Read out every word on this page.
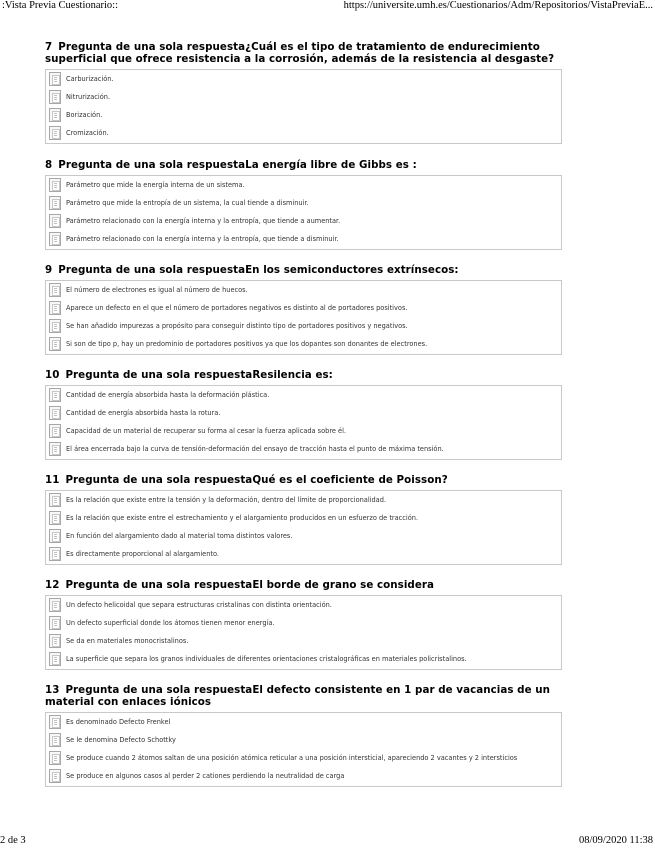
:Vista Previa Cuestionario::	https://universite.umh.es/Cuestionarios/Adm/Repositorios/VistaPreviaE...
7 Pregunta de una sola respuesta¿Cuál es el tipo de tratamiento de endurecimiento superficial que ofrece resistencia a la corrosión, además de la resistencia al desgaste?
Carburización.
Nitrurización.
Borización.
Cromización.
8 Pregunta de una sola respuestaLa energía libre de Gibbs es :
Parámetro que mide la energía interna de un sistema.
Parámetro que mide la entropía de un sistema, la cual tiende a disminuir.
Parámetro relacionado con la energía interna y la entropía, que tiende a aumentar.
Parámetro relacionado con la energía interna y la entropía, que tiende a disminuir.
9 Pregunta de una sola respuestaEn los semiconductores extrínsecos:
El número de electrones es igual al número de huecos.
Aparece un defecto en el que el número de portadores negativos es distinto al de portadores positivos.
Se han añadido impurezas a propósito para conseguir distinto tipo de portadores positivos y negativos.
Si son de tipo p, hay un predominio de portadores positivos ya que los dopantes son donantes de electrones.
10 Pregunta de una sola respuestaResilencia es:
Cantidad de energía absorbida hasta la deformación plástica.
Cantidad de energía absorbida hasta la rotura.
Capacidad de un material de recuperar su forma al cesar la fuerza aplicada sobre él.
El área encerrada bajo la curva de tensión-deformación del ensayo de tracción hasta el punto de máxima tensión.
11 Pregunta de una sola respuestaQué es el coeficiente de Poisson?
Es la relación que existe entre la tensión y la deformación, dentro del límite de proporcionalidad.
Es la relación que existe entre el estrechamiento y el alargamiento producidos en un esfuerzo de tracción.
En función del alargamiento dado al material toma distintos valores.
Es directamente proporcional al alargamiento.
12 Pregunta de una sola respuestaEl borde de grano se considera
Un defecto helicoidal que separa estructuras cristalinas con distinta orientación.
Un defecto superficial donde los átomos tienen menor energía.
Se da en materiales monocristalinos.
La superficie que separa los granos individuales de diferentes orientaciones cristalográficas en materiales policristalinos.
13 Pregunta de una sola respuestaEl defecto consistente en 1 par de vacancias de un material con enlaces iónicos
Es denominado Defecto Frenkel
Se le denomina Defecto Schottky
Se produce cuando 2 átomos saltan de una posición atómica reticular a una posición intersticial, apareciendo 2 vacantes y 2 intersticios
Se produce en algunos casos al perder 2 cationes perdiendo la neutralidad de carga
2 de 3	08/09/2020 11:38
